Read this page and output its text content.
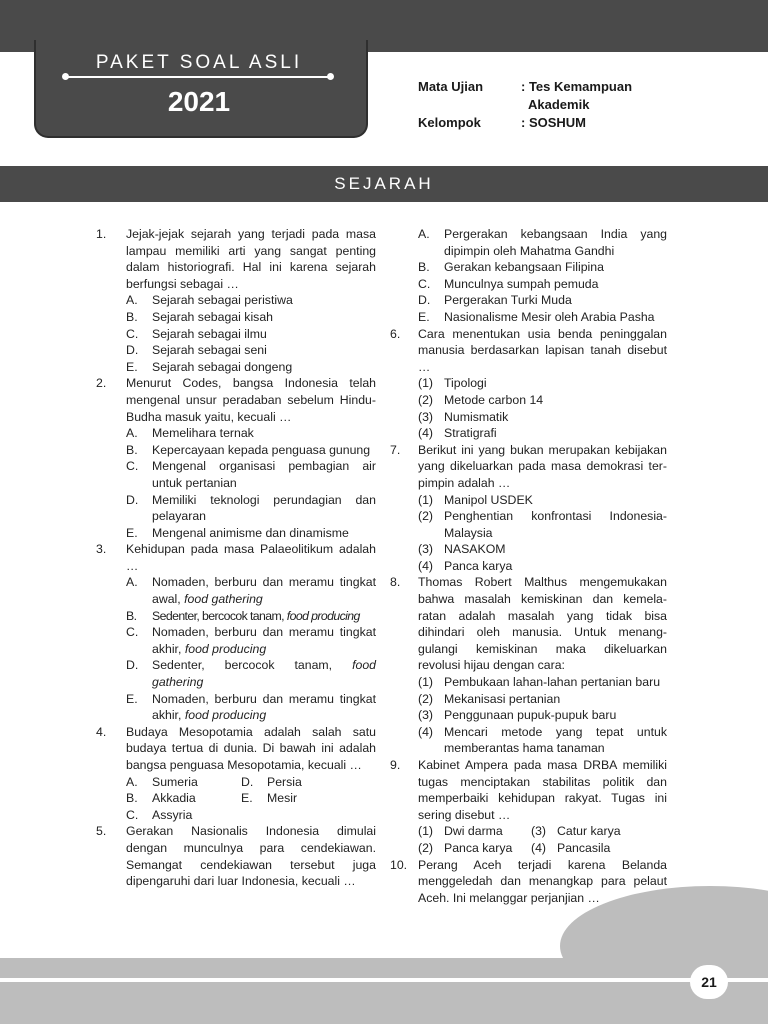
PAKET SOAL ASLI
2021	Mata Ujian	: Tes Kemampuan
Akademik
Kelompok	: SOSHUM
SEJARAH
1.	Jejak-jejak sejarah yang terjadi pada masa lampau memiliki arti yang sangat penting dalam historiografi. Hal ini karena sejarah berfungsi sebagai …
A.	Sejarah sebagai peristiwa
B.	Sejarah sebagai kisah
C.	Sejarah sebagai ilmu
D.	Sejarah sebagai seni
E.	Sejarah sebagai dongeng
2.	Menurut Codes, bangsa Indonesia telah mengenal unsur peradaban sebelum Hindu- Budha masuk yaitu, kecuali …
A.	Memelihara ternak
B.	Kepercayaan kepada penguasa gunung
C.	Mengenal organisasi pembagian air untuk pertanian
D.	Memiliki teknologi perundagian dan pelayaran
E.	Mengenal animisme dan dinamisme
3.	Kehidupan pada masa Palaeolitikum adalah …
A.	Nomaden, berburu dan meramu tingkat awal, food gathering
B.	Sedenter, bercocok tanam, food producing
C.	Nomaden, berburu dan meramu tingkat akhir, food producing
D.	Sedenter, bercocok tanam, food gathering
E.	Nomaden, berburu dan meramu tingkat akhir, food producing
4.	Budaya Mesopotamia adalah salah satu budaya tertua di dunia. Di bawah ini adalah bangsa penguasa Mesopotamia, kecuali …
A.	Sumeria	D.	Persia
B.	Akkadia	E.	Mesir
C.	Assyria
5.	Gerakan Nasionalis Indonesia dimulai dengan munculnya para cendekiawan. Semangat cendekiawan tersebut juga dipengaruhi dari luar Indonesia, kecuali …
A.	Pergerakan kebangsaan India yang dipimpin oleh Mahatma Gandhi
B.	Gerakan kebangsaan Filipina
C.	Munculnya sumpah pemuda
D.	Pergerakan Turki Muda
E.	Nasionalisme Mesir oleh Arabia Pasha
6.	Cara menentukan usia benda peninggalan manusia berdasarkan lapisan tanah disebut …
(1) Tipologi
(2) Metode carbon 14
(3) Numismatik
(4) Stratigrafi
7.	Berikut ini yang bukan merupakan kebijakan yang dikeluarkan pada masa demokrasi ter- pimpin adalah …
(1) Manipol USDEK
(2) Penghentian konfrontasi Indonesia-Malaysia
(3) NASAKOM
(4) Panca karya
8.	Thomas Robert Malthus mengemukakan bahwa masalah kemiskinan dan kemela- ratan adalah masalah yang tidak bisa dihindari oleh manusia. Untuk menang- gulangi kemiskinan maka dikeluarkan revolusi hijau dengan cara:
(1) Pembukaan lahan-lahan pertanian baru
(2) Mekanisasi pertanian
(3) Penggunaan pupuk-pupuk baru
(4) Mencari metode yang tepat untuk memberantas hama tanaman
9.	Kabinet Ampera pada masa DRBA memiliki tugas menciptakan stabilitas politik dan memperbaiki kehidupan rakyat. Tugas ini sering disebut …
(1) Dwi darma (3) Catur karya
(2) Panca karya (4) Pancasila
10. Perang Aceh terjadi karena Belanda menggeledah dan menangkap para pelaut Aceh. Ini melanggar perjanjian …
21
